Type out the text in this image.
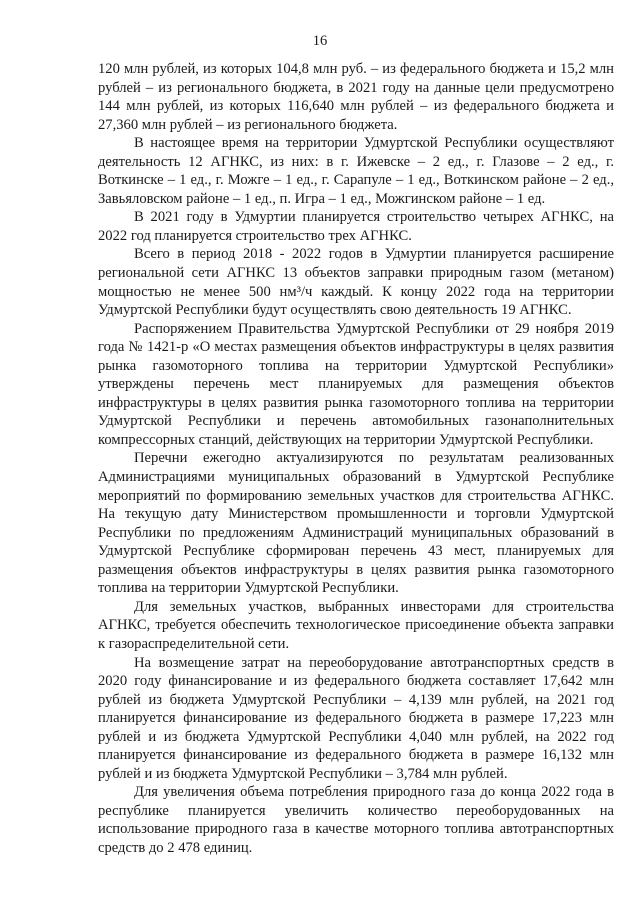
16

120 млн рублей, из которых 104,8 млн руб. – из федерального бюджета и 15,2 млн рублей – из регионального бюджета, в 2021 году на данные цели предусмотрено 144 млн рублей, из которых 116,640 млн рублей – из федерального бюджета и 27,360 млн рублей – из регионального бюджета.

В настоящее время на территории Удмуртской Республики осуществляют деятельность 12 АГНКС, из них: в г. Ижевске – 2 ед., г. Глазове – 2 ед., г. Воткинске – 1 ед., г. Можге – 1 ед., г. Сарапуле – 1 ед., Воткинском районе – 2 ед., Завьяловском районе – 1 ед., п. Игра – 1 ед., Можгинском районе – 1 ед.

В 2021 году в Удмуртии планируется строительство четырех АГНКС, на 2022 год планируется строительство трех АГНКС.

Всего в период 2018 - 2022 годов в Удмуртии планируется расширение региональной сети АГНКС 13 объектов заправки природным газом (метаном) мощностью не менее 500 нм³/ч каждый. К концу 2022 года на территории Удмуртской Республики будут осуществлять свою деятельность 19 АГНКС.

Распоряжением Правительства Удмуртской Республики от 29 ноября 2019 года № 1421-р «О местах размещения объектов инфраструктуры в целях развития рынка газомоторного топлива на территории Удмуртской Республики» утверждены перечень мест планируемых для размещения объектов инфраструктуры в целях развития рынка газомоторного топлива на территории Удмуртской Республики и перечень автомобильных газонаполнительных компрессорных станций, действующих на территории Удмуртской Республики.

Перечни ежегодно актуализируются по результатам реализованных Администрациями муниципальных образований в Удмуртской Республике мероприятий по формированию земельных участков для строительства АГНКС. На текущую дату Министерством промышленности и торговли Удмуртской Республики по предложениям Администраций муниципальных образований в Удмуртской Республике сформирован перечень 43 мест, планируемых для размещения объектов инфраструктуры в целях развития рынка газомоторного топлива на территории Удмуртской Республики.

Для земельных участков, выбранных инвесторами для строительства АГНКС, требуется обеспечить технологическое присоединение объекта заправки к газораспределительной сети.

На возмещение затрат на переоборудование автотранспортных средств в 2020 году финансирование и из федерального бюджета составляет 17,642 млн рублей из бюджета Удмуртской Республики – 4,139 млн рублей, на 2021 год планируется финансирование из федерального бюджета в размере 17,223 млн рублей и из бюджета Удмуртской Республики 4,040 млн рублей, на 2022 год планируется финансирование из федерального бюджета в размере 16,132 млн рублей и из бюджета Удмуртской Республики – 3,784 млн рублей.

Для увеличения объема потребления природного газа до конца 2022 года в республике планируется увеличить количество переоборудованных на использование природного газа в качестве моторного топлива автотранспортных средств до 2 478 единиц.
